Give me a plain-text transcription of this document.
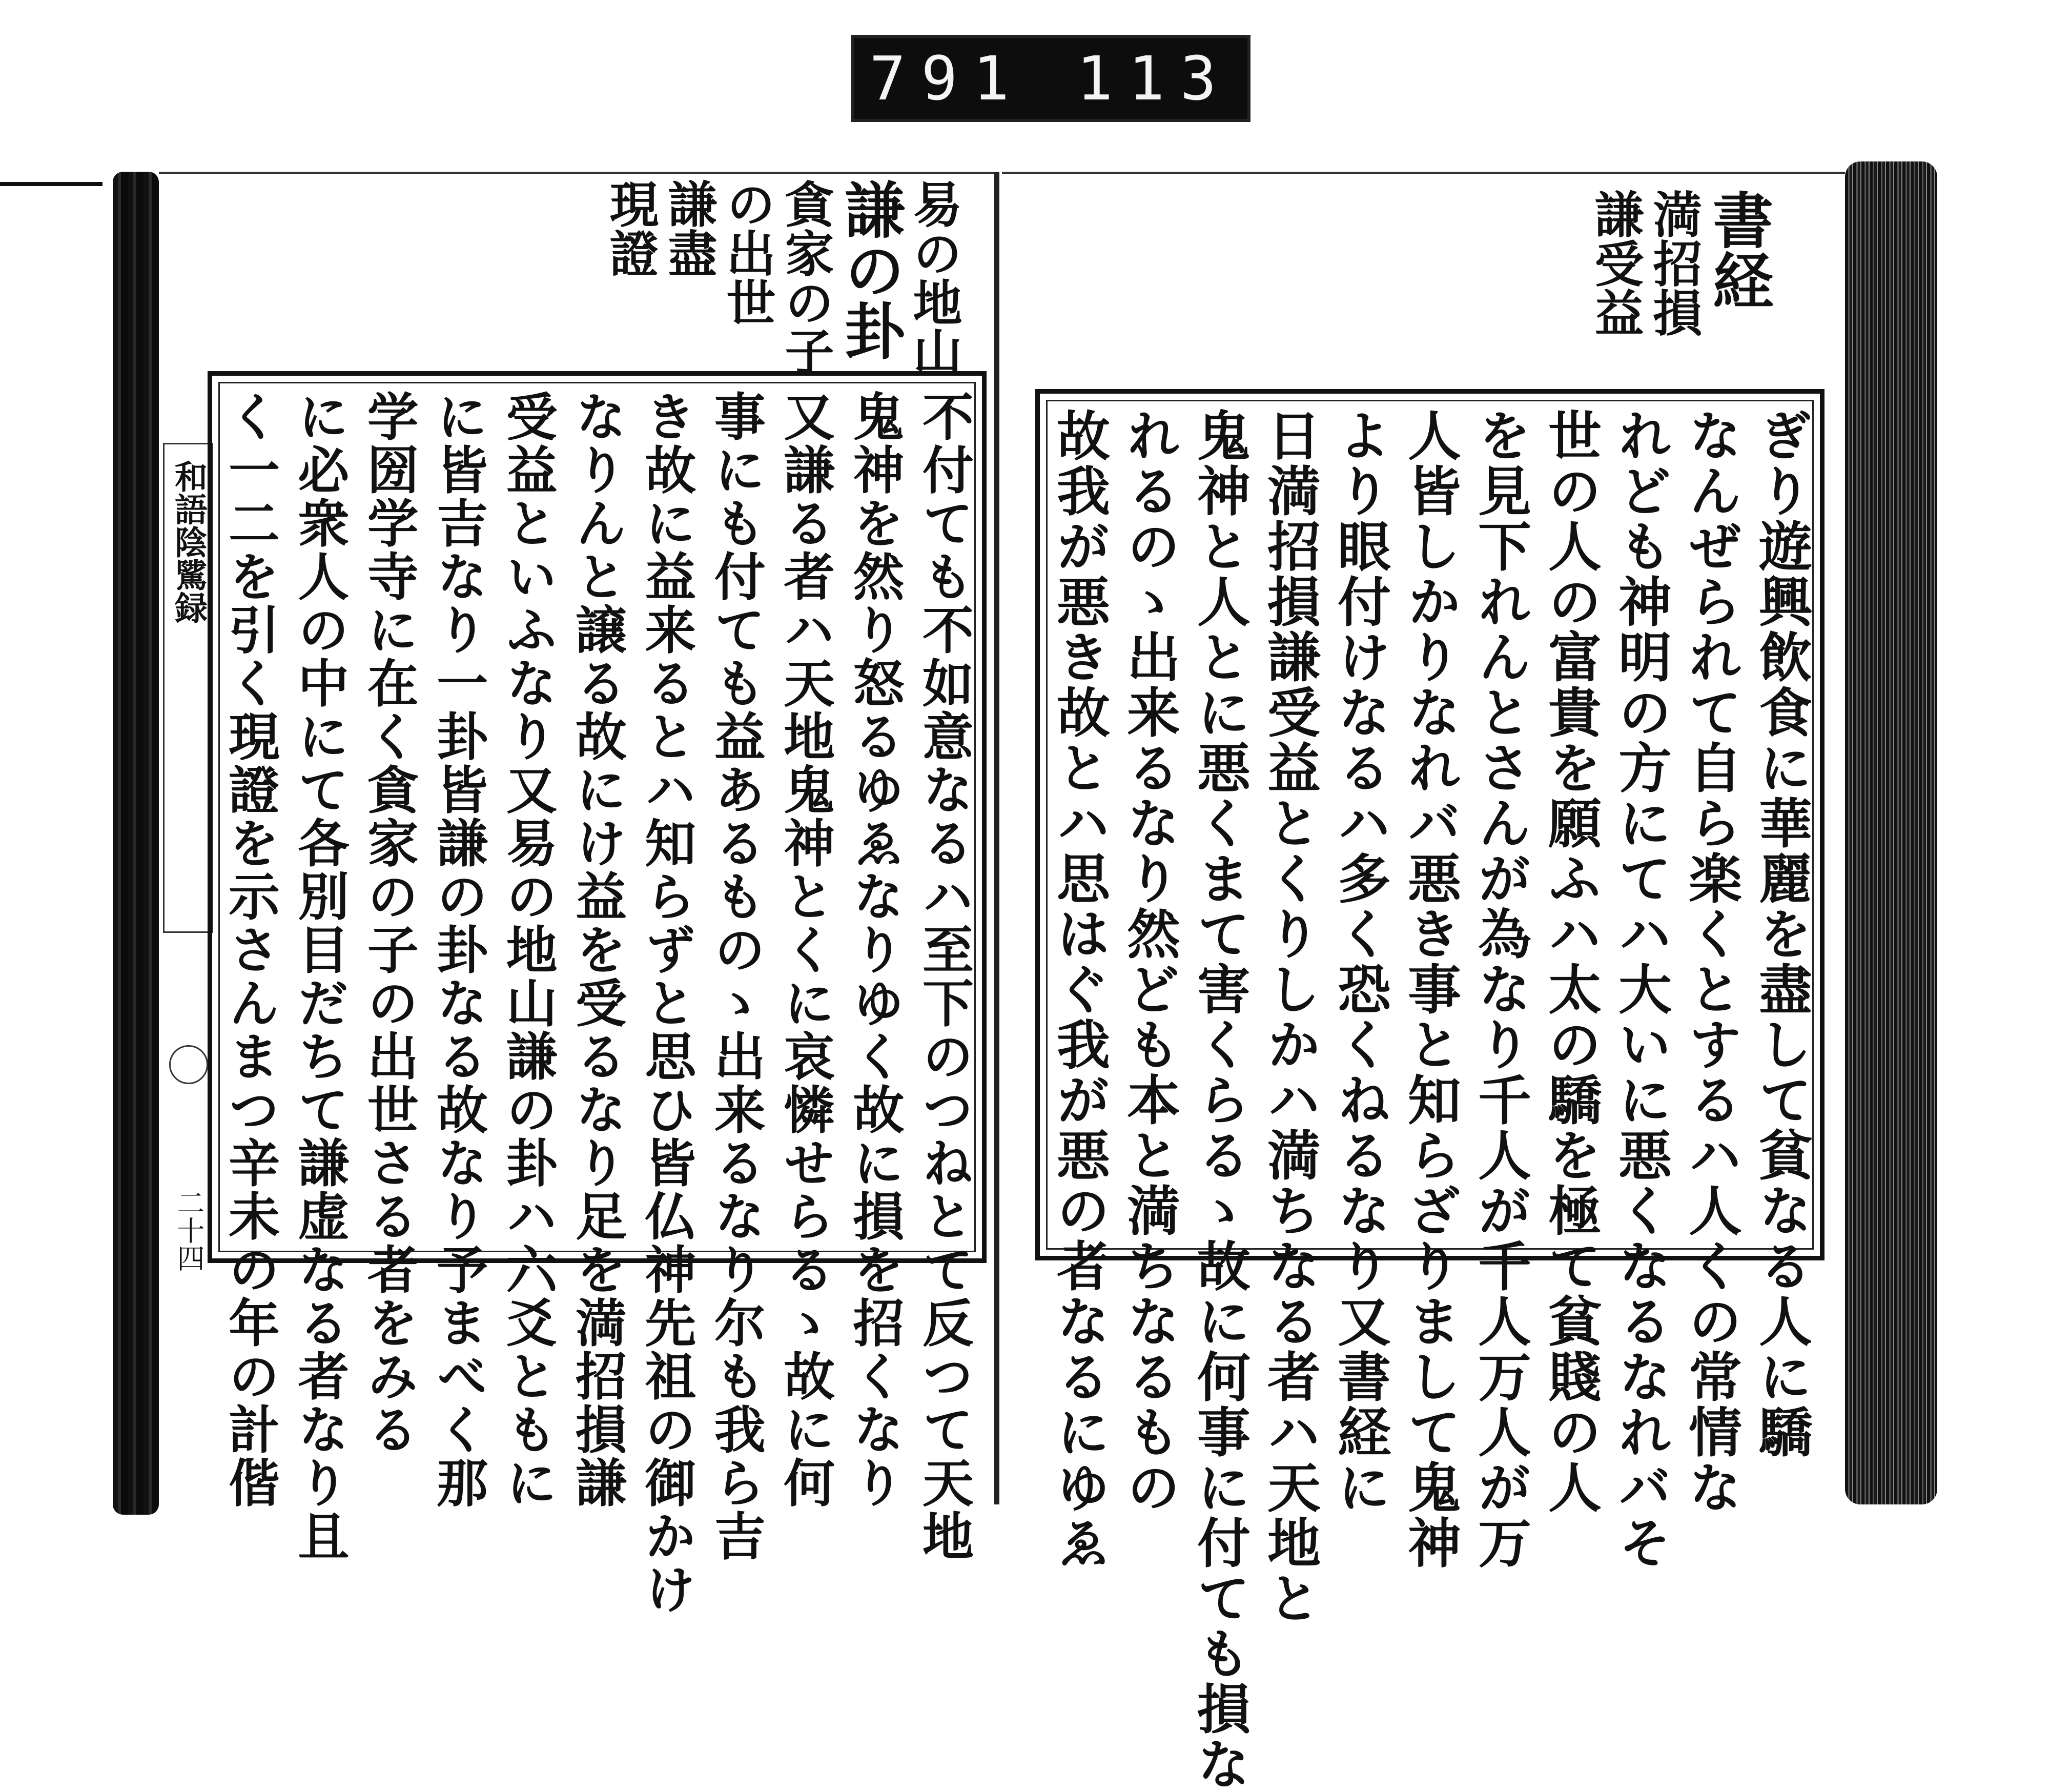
791 113
易の地山
謙の卦
貪家の子
の出世
謙盡
現證
和語陰騭録
二十四	不付ても不如意なるハ至下のつねとて反つて天地
鬼神を然り怒るゆゑなりゆく故に損を招くなり
又謙る者ハ天地鬼神とくに哀憐せらるゝ故に何
事にも付ても益あるものゝ出来るなり尔も我ら吉
き故に益来るとハ知らずと思ひ皆仏神先祖の御かけ
なりんと譲る故にけ益を受るなり足を満招損謙
受益といふなり又易の地山謙の卦ハ六爻ともに
に皆吉なり一卦皆謙の卦なる故なり予まべく那
学圀学寺に在く貪家の子の出世さる者をみる
に必衆人の中にて各別目だちて謙虚なる者なり且
く一二を引く現證を示さんまつ辛未の年の計偕
書経
満招損
謙受益
ぎり遊興飲食に華麗を盡して貧なる人に驕
なんぜられて自ら楽くとするハ人くの常情な
れども神明の方にてハ大いに悪くなるなれバそ
世の人の富貴を願ふハ太の驕を極て貧賤の人
を見下れんとさんが為なり千人が千人万人が万
人皆しかりなれバ悪き事と知らざりまして鬼神
より眼付けなるハ多く恐くねるなり又書経に
日満招損謙受益とくりしかハ満ちなる者ハ天地と
鬼神と人とに悪くまて害くらるゝ故に何事に付ても損な
れるのゝ出来るなり然ども本と満ちなるもの
故我が悪き故とハ思はぐ我が悪の者なるにゆゑ
